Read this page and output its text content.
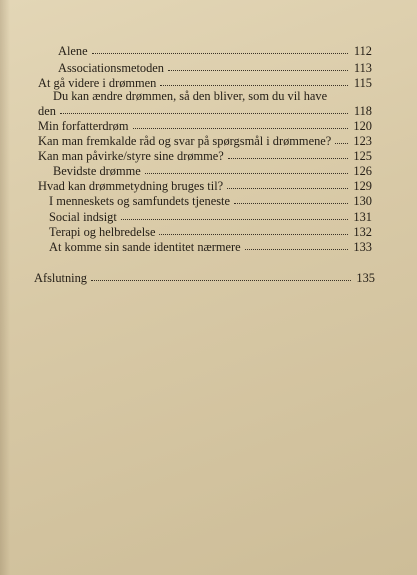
Alene	112
Associationsmetoden	113
At gå videre i drømmen	115
Du kan ændre drømmen, så den bliver, som du vil have
den	118
Min forfatterdrøm	120
Kan man fremkalde råd og svar på spørgsmål i drømmene? 123
Kan man påvirke/styre sine drømme?	125
Bevidste drømme	126
Hvad kan drømmetydning bruges til?	129
I menneskets og samfundets tjeneste	130
Social indsigt	131
Terapi og helbredelse	132
At komme sin sande identitet nærmere	133
Afslutning	135
